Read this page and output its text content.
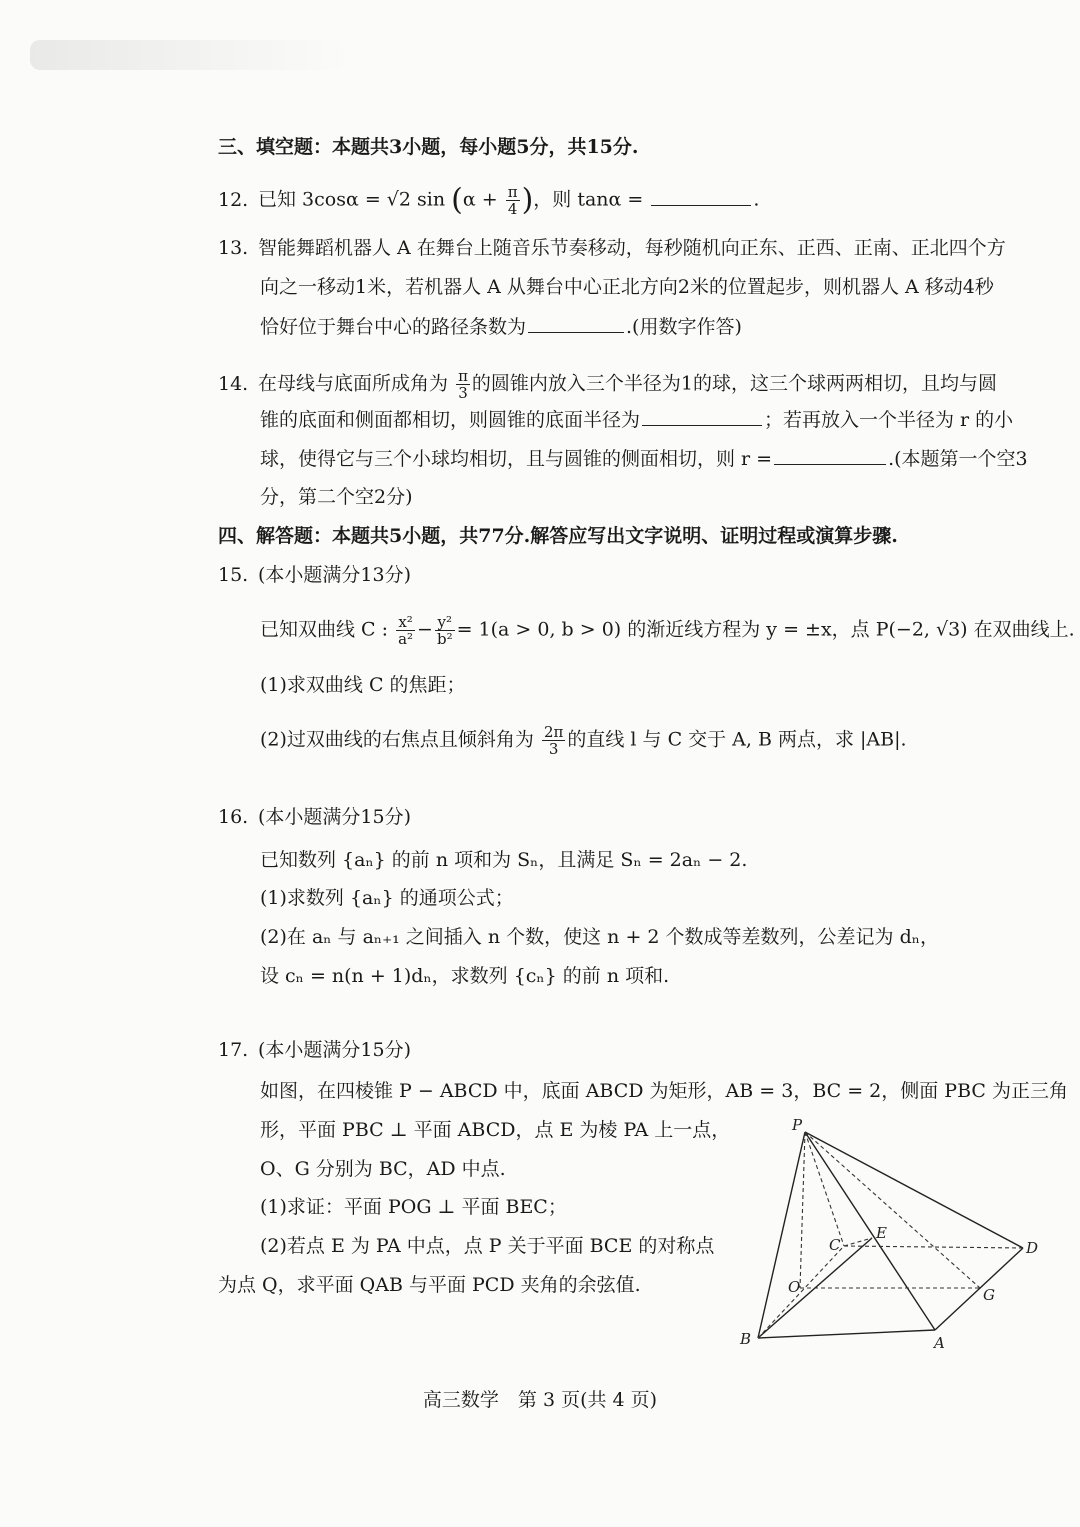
三、填空题：本题共3小题，每小题5分，共15分.
12. 已知 3cosα = √2 $\sin (\alpha + \frac{\pi}{4}$ )，则 tanα =	.
13. 智能舞蹈机器人 A 在舞台上随音乐节奏移动，每秒随机向正东、正西、正南、正北四个方
向之一移动1米，若机器人 A 从舞台中心正北方向2米的位置起步，则机器人 A 移动4秒
恰好位于舞台中心的路径条数为	.(用数字作答)
14. 在母线与底面所成角为 $\frac{\pi}{3}$ 的圆锥内放入三个半径为1的球，这三个球两两相切，且均与圆
锥的底面和侧面都相切，则圆锥的底面半径为	；若再放入一个半径为 r 的小
球，使得它与三个小球均相切，且与圆锥的侧面相切，则 r =	.(本题第一个空3
分，第二个空2分)
四、解答题：本题共5小题，共77分.解答应写出文字说明、证明过程或演算步骤.
15. (本小题满分13分)
已知双曲线 C : $\frac{\text{x²}}{\text{a²}} - \frac{\text{y²}}{\text{b²}} = 1(a > 0$, b > 0) 的渐近线方程为 y = ±x，点 P(−2, √3) 在双曲线上.
(1)求双曲线 C 的焦距；
(2)过双曲线的右焦点且倾斜角为 $\frac{2\pi}{3}$ 的直线 l 与 C 交于 A, B 两点，求 |AB|.
16. (本小题满分15分)
已知数列 {aₙ} 的前 n 项和为 Sₙ，且满足 Sₙ = 2aₙ − 2.
(1)求数列 {aₙ} 的通项公式；
(2)在 aₙ 与 aₙ₊₁ 之间插入 n 个数，使这 n + 2 个数成等差数列，公差记为 dₙ，
设 cₙ = n(n + 1)dₙ，求数列 {cₙ} 的前 n 项和.
17. (本小题满分15分)
如图，在四棱锥 P − ABCD 中，底面 ABCD 为矩形，AB = 3，BC = 2，侧面 PBC 为正三角
形，平面 PBC ⊥ 平面 ABCD，点 E 为棱 PA 上一点，
O、G 分别为 BC，AD 中点.
(1)求证：平面 POG ⊥ 平面 BEC；
(2)若点 E 为 PA 中点，点 P 关于平面 BCE 的对称点
为点 Q，求平面 QAB 与平面 PCD 夹角的余弦值.
P
E
C	D
O	G
B	A
高三数学　第 3 页(共 4 页)
